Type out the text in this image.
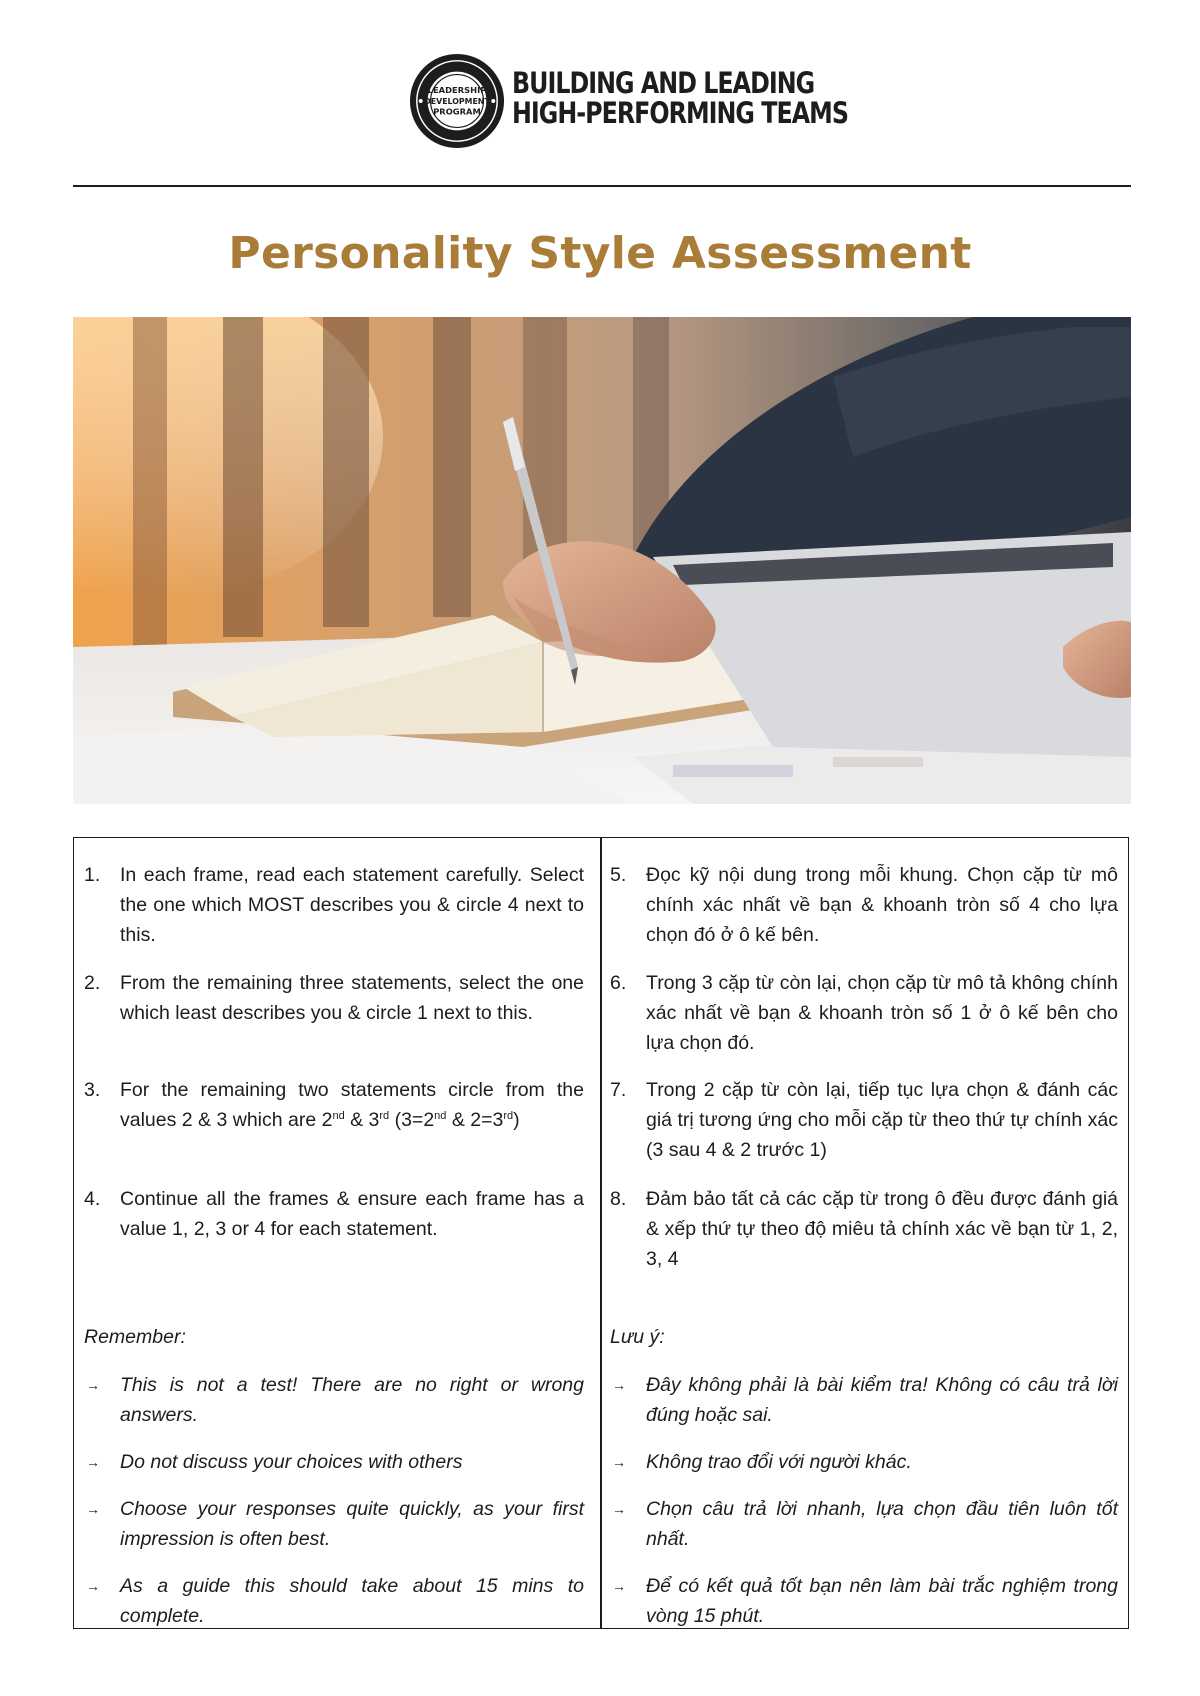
LEADERSHIP
DEVELOPMENT
PROGRAM
BUILDING AND LEADING
HIGH-PERFORMING TEAMS
Personality Style Assessment
1. In each frame, read each statement carefully. Select the one which MOST describes you & circle 4 next to this.
2. From the remaining three statements, select the one which least describes you & circle 1 next to this.
3. For the remaining two statements circle from the values 2 & 3 which are 2nd & 3rd (3=2nd & 2=3rd)
4. Continue all the frames & ensure each frame has a value 1, 2, 3 or 4 for each statement.
Remember:
→ This is not a test! There are no right or wrong answers.
→ Do not discuss your choices with others
→ Choose your responses quite quickly, as your first impression is often best.
→ As a guide this should take about 15 mins to complete.
5. Đọc kỹ nội dung trong mỗi khung. Chọn cặp từ mô chính xác nhất về bạn & khoanh tròn số 4 cho lựa chọn đó ở ô kế bên.
6. Trong 3 cặp từ còn lại, chọn cặp từ mô tả không chính xác nhất về bạn & khoanh tròn số 1 ở ô kế bên cho lựa chọn đó.
7. Trong 2 cặp từ còn lại, tiếp tục lựa chọn & đánh các giá trị tương ứng cho mỗi cặp từ theo thứ tự chính xác (3 sau 4 & 2 trước 1)
8. Đảm bảo tất cả các cặp từ trong ô đều được đánh giá & xếp thứ tự theo độ miêu tả chính xác về bạn từ 1, 2, 3, 4
Lưu ý:
→ Đây không phải là bài kiểm tra! Không có câu trả lời đúng hoặc sai.
→ Không trao đổi với người khác.
→ Chọn câu trả lời nhanh, lựa chọn đầu tiên luôn tốt nhất.
→ Để có kết quả tốt bạn nên làm bài trắc nghiệm trong vòng 15 phút.
